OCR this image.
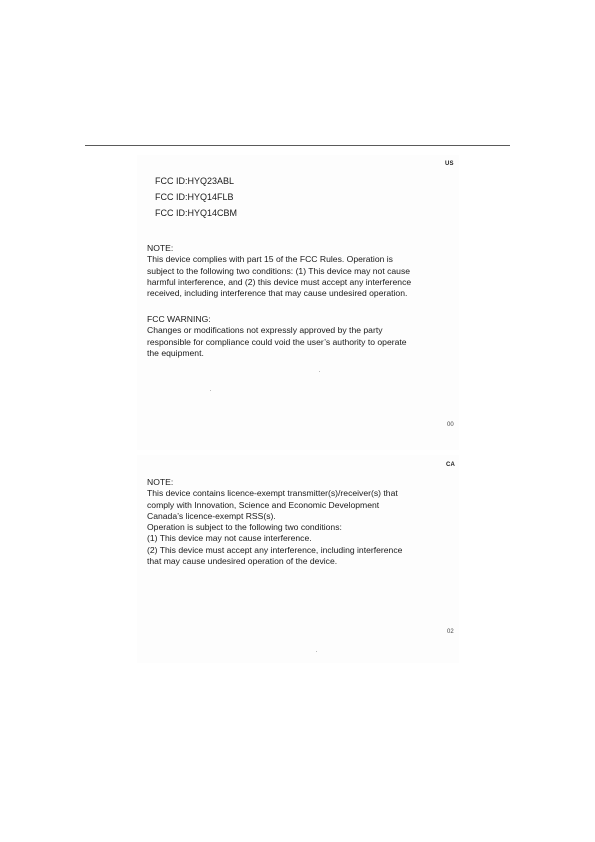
US
FCC ID:HYQ23ABL
FCC ID:HYQ14FLB
FCC ID:HYQ14CBM
NOTE:
This device complies with part 15 of the FCC Rules. Operation is
subject to the following two conditions: (1) This device may not cause
harmful interference, and (2) this device must accept any interference
received, including interference that may cause undesired operation.
FCC WARNING:
Changes or modifications not expressly approved by the party
responsible for compliance could void the user’s authority to operate
the equipment.
00
CA
NOTE:
This device contains licence-exempt transmitter(s)/receiver(s) that
comply with Innovation, Science and Economic Development
Canada’s licence-exempt RSS(s).
Operation is subject to the following two conditions:
(1) This device may not cause interference.
(2) This device must accept any interference, including interference
that may cause undesired operation of the device.
02
